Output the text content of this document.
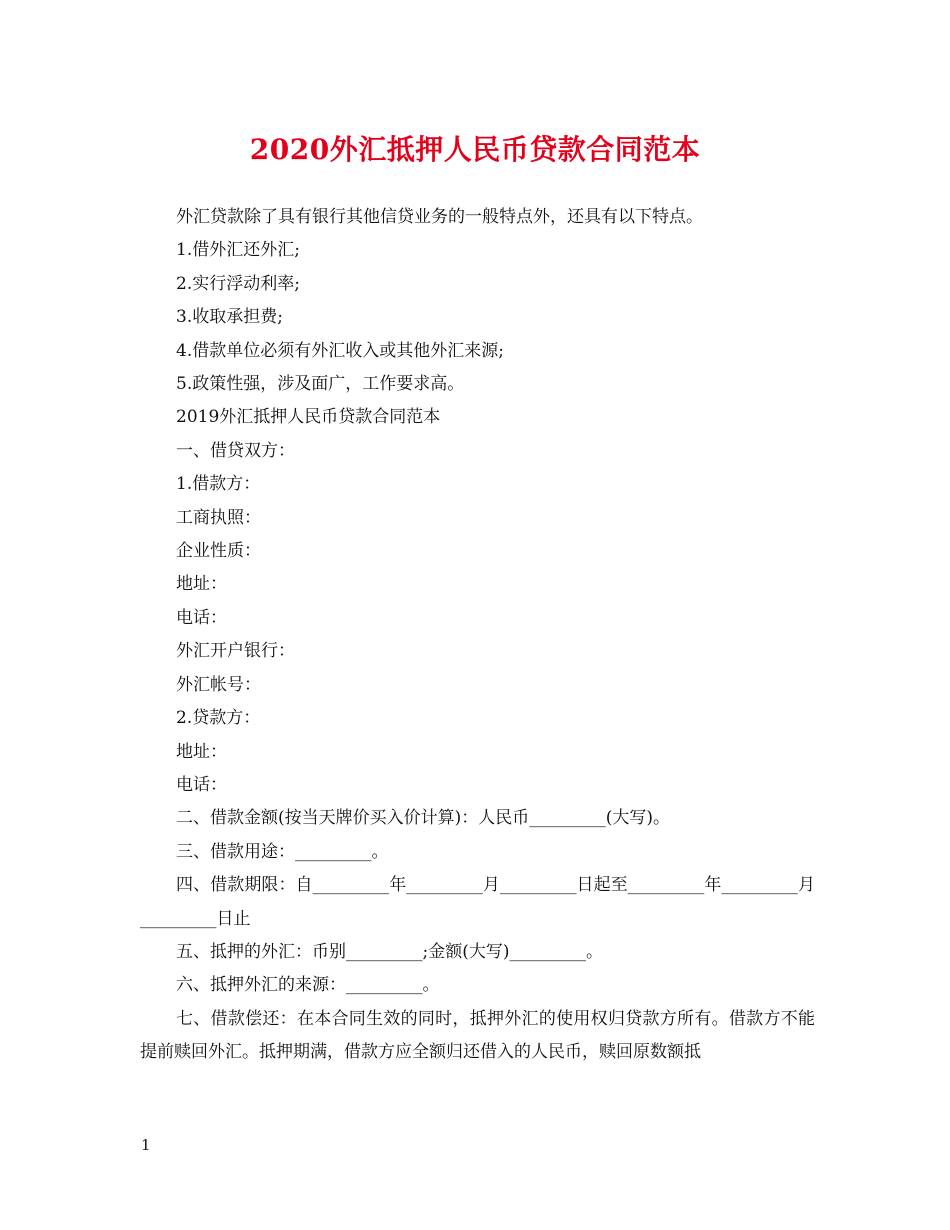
2020外汇抵押人民币贷款合同范本

外汇贷款除了具有银行其他信贷业务的一般特点外，还具有以下特点。

1.借外汇还外汇;

2.实行浮动利率;

3.收取承担费;

4.借款单位必须有外汇收入或其他外汇来源;

5.政策性强，涉及面广，工作要求高。

2019外汇抵押人民币贷款合同范本

一、借贷双方：

1.借款方：

工商执照：

企业性质：

地址：

电话：

外汇开户银行：

外汇帐号：

2.贷款方：

地址：

电话：

二、借款金额(按当天牌价买入价计算)：人民币_________(大写)。

三、借款用途：_________。

四、借款期限：自_________年_________月_________日起至_________年_________月_________日止

五、抵押的外汇：币别_________;金额(大写)_________。

六、抵押外汇的来源：_________。

七、借款偿还：在本合同生效的同时，抵押外汇的使用权归贷款方所有。借款方不能提前赎回外汇。抵押期满，借款方应全额归还借入的人民币，赎回原数额抵

1
